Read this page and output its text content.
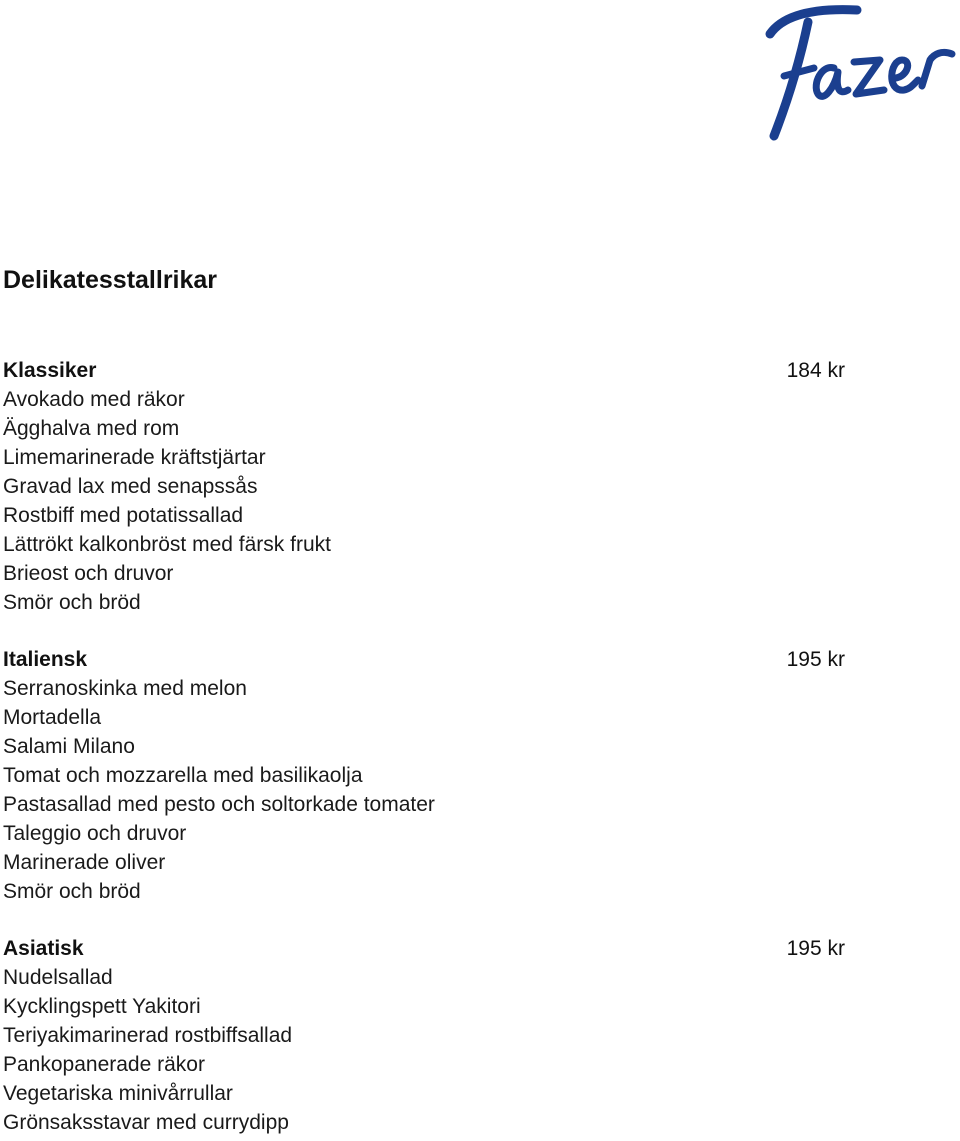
Delikatesstallrikar
Klassiker	184 kr
Avokado med räkor
Ägghalva med rom
Limemarinerade kräftstjärtar
Gravad lax med senapssås
Rostbiff med potatissallad
Lättrökt kalkonbröst med färsk frukt
Brieost och druvor
Smör och bröd
Italiensk	195 kr
Serranoskinka med melon
Mortadella
Salami Milano
Tomat och mozzarella med basilikaolja
Pastasallad med pesto och soltorkade tomater
Taleggio och druvor
Marinerade oliver
Smör och bröd
Asiatisk	195 kr
Nudelsallad
Kycklingspett Yakitori
Teriyakimarinerad rostbiffsallad
Pankopanerade räkor
Vegetariska minivårrullar
Grönsaksstavar med currydipp
